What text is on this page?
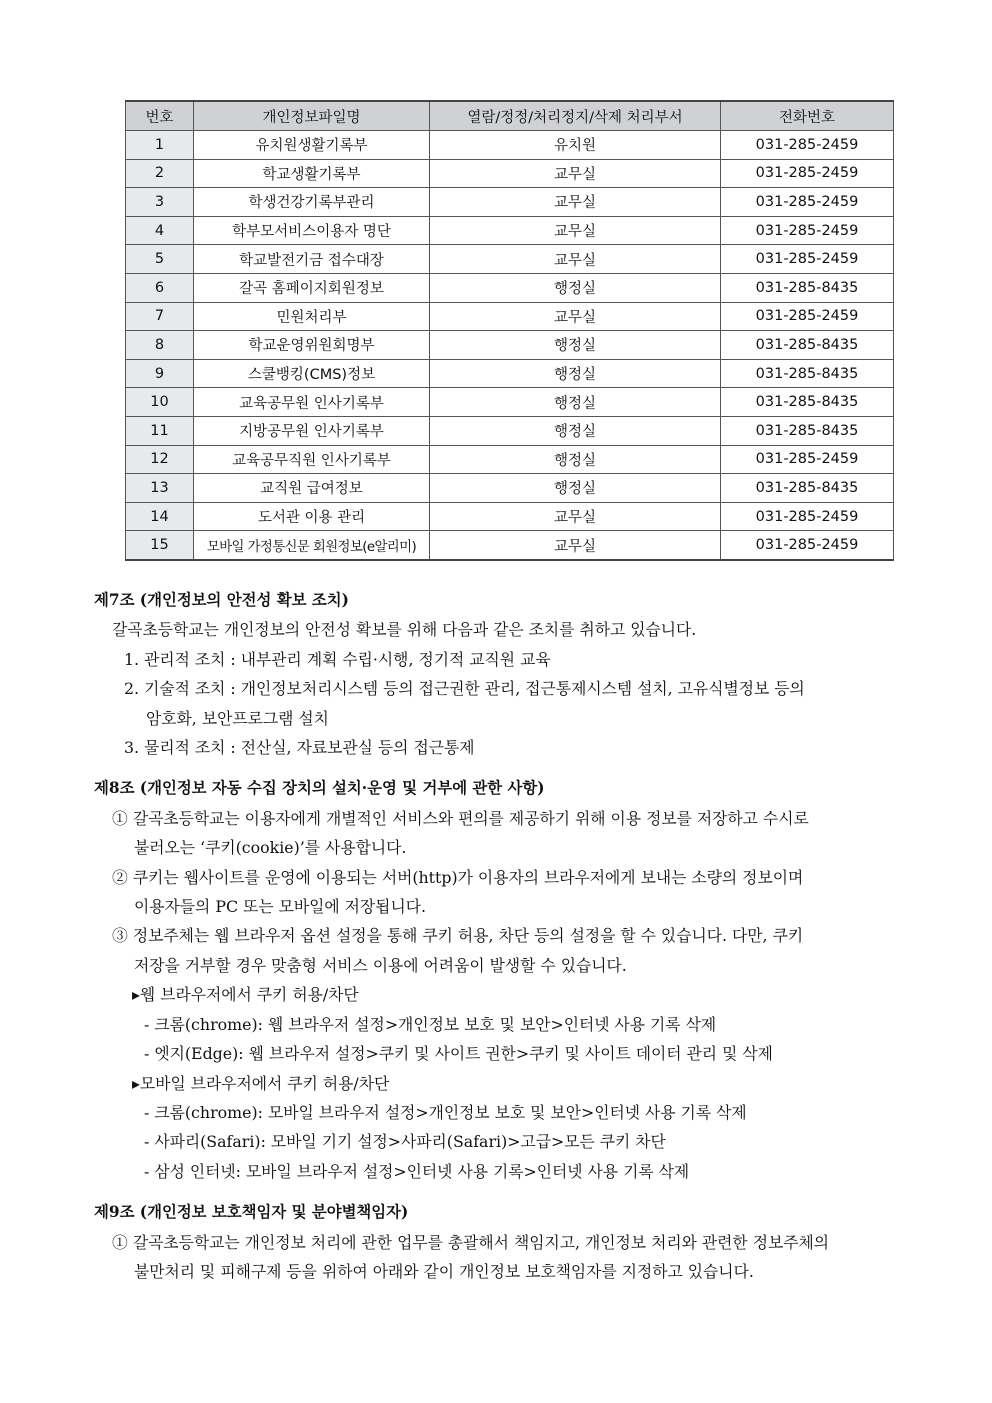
번호	개인정보파일명	열람/정정/처리정지/삭제 처리부서	전화번호
1	유치원생활기록부	유치원	031-285-2459
2	학교생활기록부	교무실	031-285-2459
3	학생건강기록부관리	교무실	031-285-2459
4	학부모서비스이용자 명단	교무실	031-285-2459
5	학교발전기금 접수대장	교무실	031-285-2459
6	갈곡 홈페이지회원정보	행정실	031-285-8435
7	민원처리부	교무실	031-285-2459
8	학교운영위원회명부	행정실	031-285-8435
9	스쿨뱅킹(CMS)정보	행정실	031-285-8435
10	교육공무원 인사기록부	행정실	031-285-8435
11	지방공무원 인사기록부	행정실	031-285-8435
12	교육공무직원 인사기록부	행정실	031-285-2459
13	교직원 급여정보	행정실	031-285-8435
14	도서관 이용 관리	교무실	031-285-2459
15	모바일 가정통신문 회원정보(e알리미)	교무실	031-285-2459
제7조 (개인정보의 안전성 확보 조치)
갈곡초등학교는 개인정보의 안전성 확보를 위해 다음과 같은 조치를 취하고 있습니다.
1. 관리적 조치 : 내부관리 계획 수립·시행, 정기적 교직원 교육
2. 기술적 조치 : 개인정보처리시스템 등의 접근권한 관리, 접근통제시스템 설치, 고유식별정보 등의
암호화, 보안프로그램 설치
3. 물리적 조치 : 전산실, 자료보관실 등의 접근통제
제8조 (개인정보 자동 수집 장치의 설치·운영 및 거부에 관한 사항)
① 갈곡초등학교는 이용자에게 개별적인 서비스와 편의를 제공하기 위해 이용 정보를 저장하고 수시로
불러오는 ‘쿠키(cookie)’를 사용합니다.
② 쿠키는 웹사이트를 운영에 이용되는 서버(http)가 이용자의 브라우저에게 보내는 소량의 정보이며
이용자들의 PC 또는 모바일에 저장됩니다.
③ 정보주체는 웹 브라우저 옵션 설정을 통해 쿠키 허용, 차단 등의 설정을 할 수 있습니다. 다만, 쿠키
저장을 거부할 경우 맞춤형 서비스 이용에 어려움이 발생할 수 있습니다.
▸웹 브라우저에서 쿠키 허용/차단
- 크롬(chrome): 웹 브라우저 설정>개인정보 보호 및 보안>인터넷 사용 기록 삭제
- 엣지(Edge): 웹 브라우저 설정>쿠키 및 사이트 권한>쿠키 및 사이트 데이터 관리 및 삭제
▸모바일 브라우저에서 쿠키 허용/차단
- 크롬(chrome): 모바일 브라우저 설정>개인정보 보호 및 보안>인터넷 사용 기록 삭제
- 사파리(Safari): 모바일 기기 설정>사파리(Safari)>고급>모든 쿠키 차단
- 삼성 인터넷: 모바일 브라우저 설정>인터넷 사용 기록>인터넷 사용 기록 삭제
제9조 (개인정보 보호책임자 및 분야별책임자)
① 갈곡초등학교는 개인정보 처리에 관한 업무를 총괄해서 책임지고, 개인정보 처리와 관련한 정보주체의
불만처리 및 피해구제 등을 위하여 아래와 같이 개인정보 보호책임자를 지정하고 있습니다.
